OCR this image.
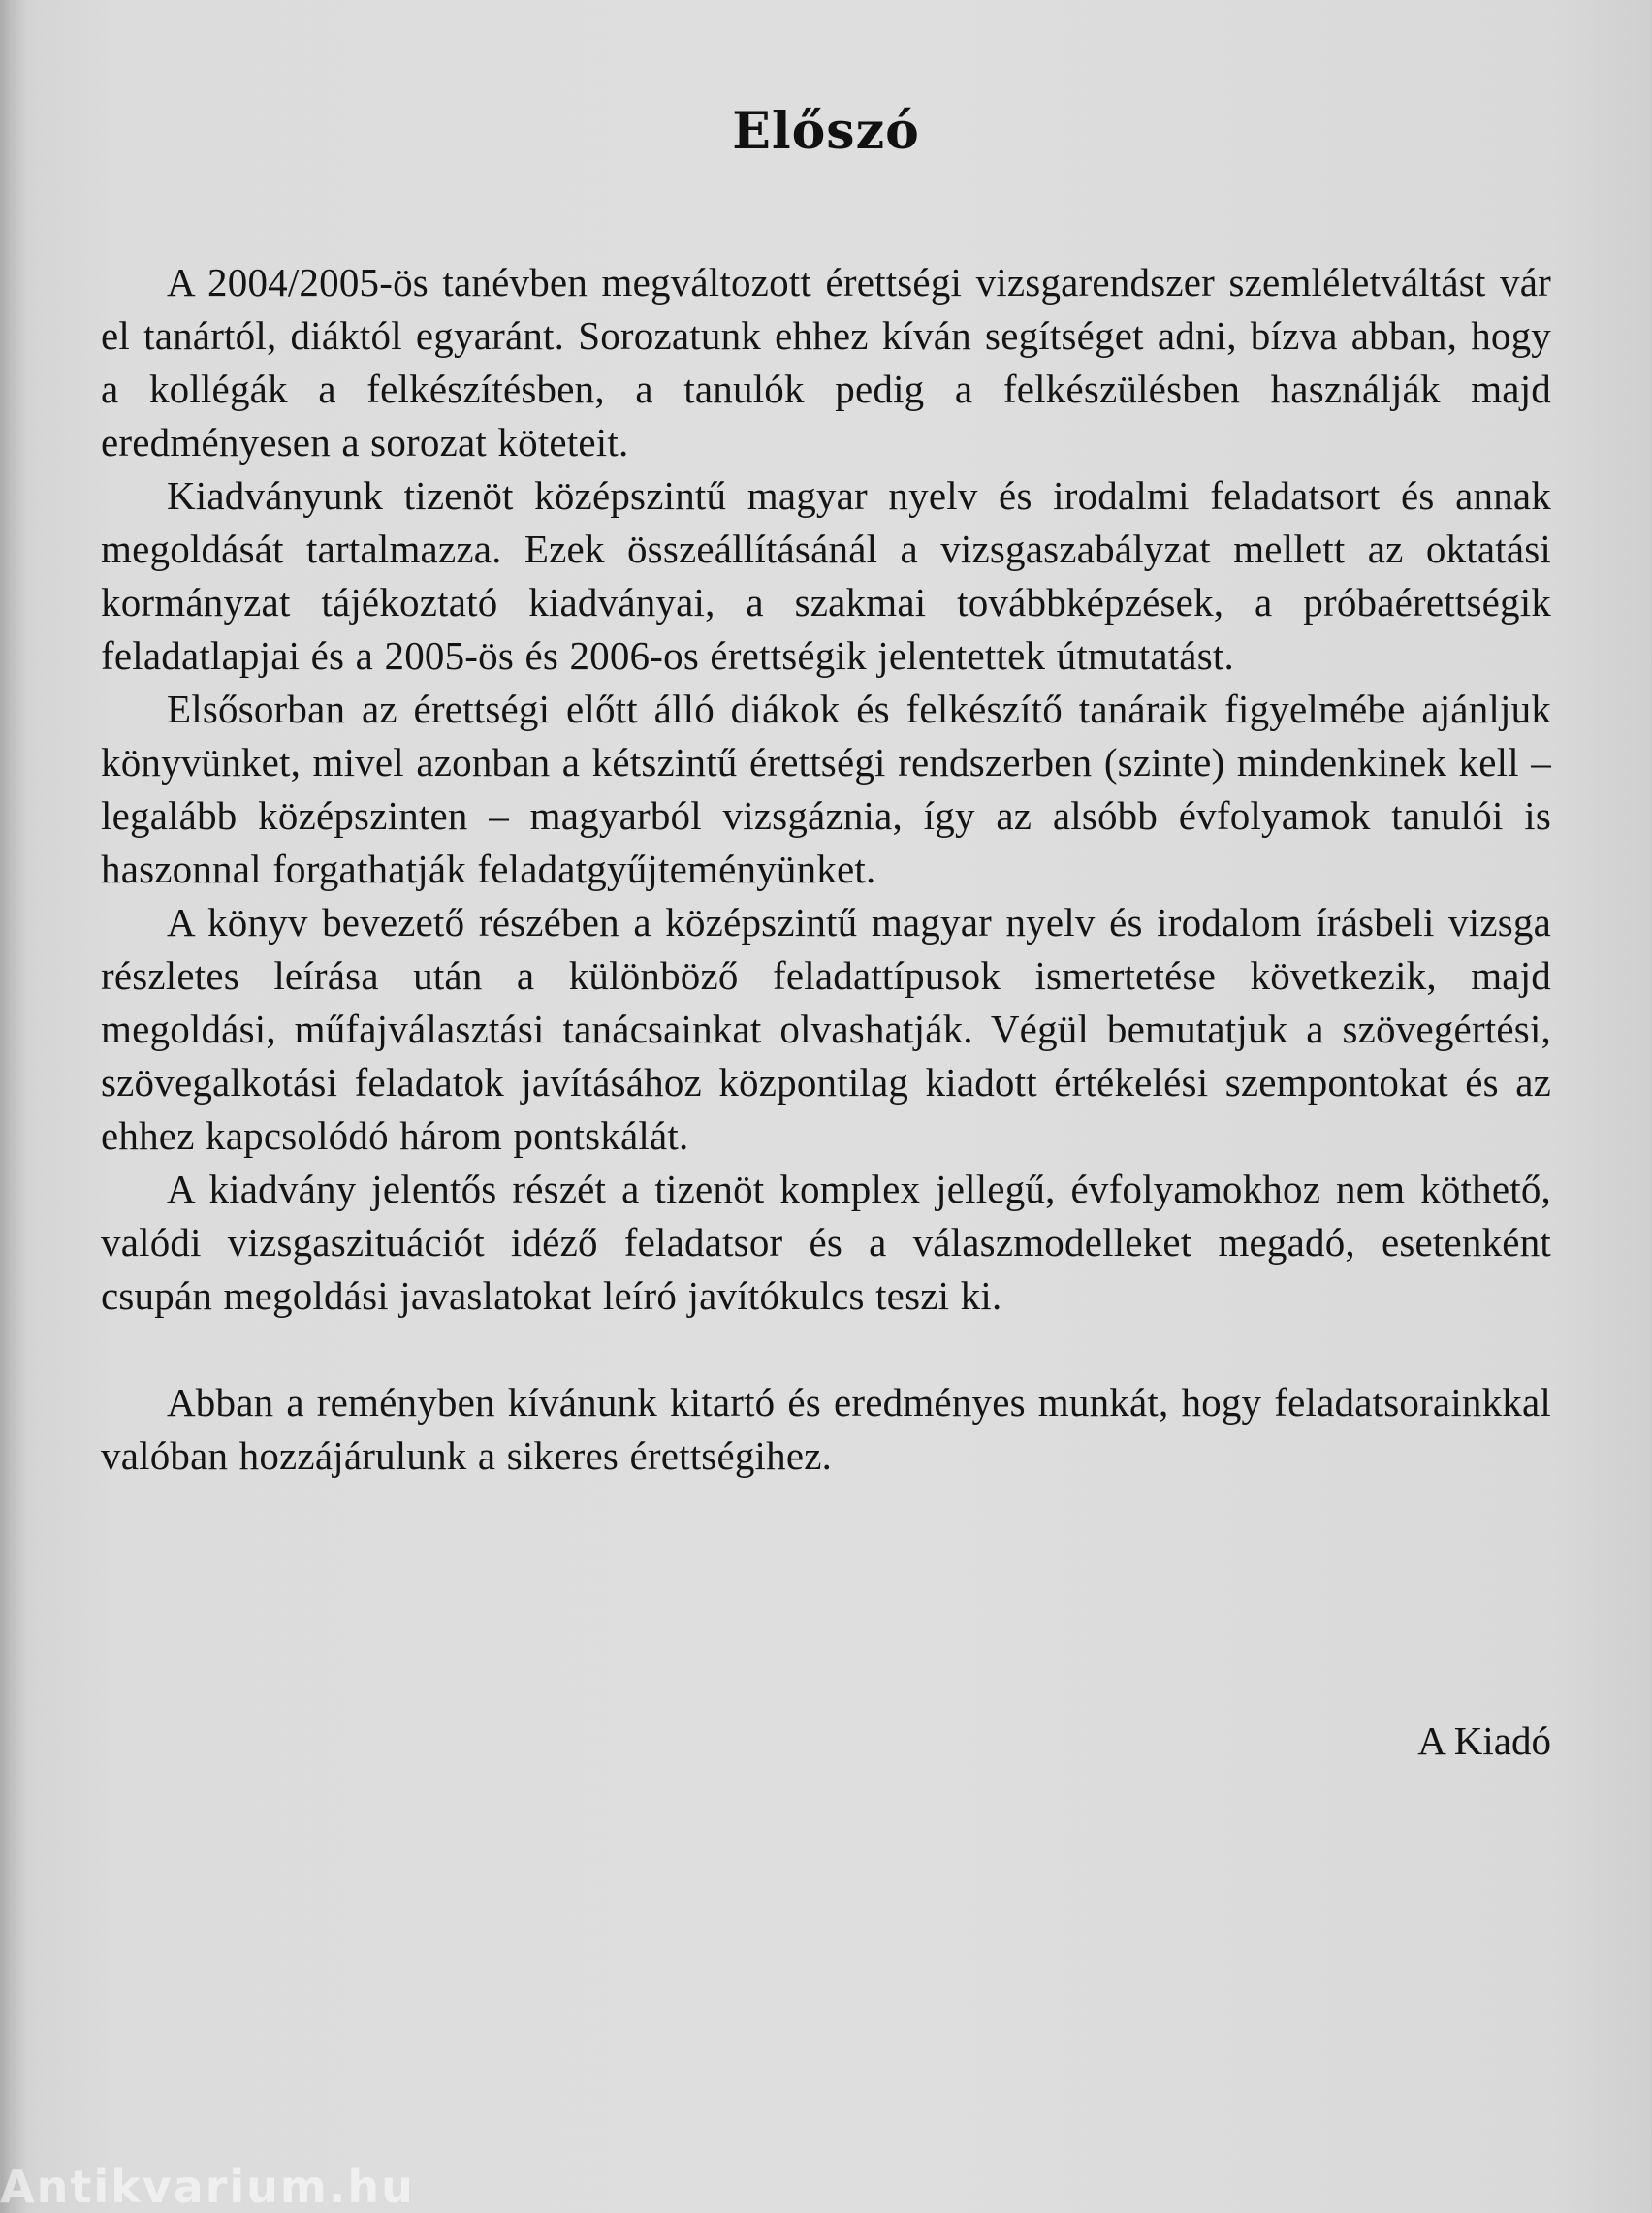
Előszó

A 2004/2005-ös tanévben megváltozott érettségi vizsgarendszer szemléletváltást vár el tanártól, diáktól egyaránt. Sorozatunk ehhez kíván segítséget adni, bízva abban, hogy a kollégák a felkészítésben, a tanulók pedig a felkészülésben használják majd eredményesen a sorozat köteteit.

Kiadványunk tizenöt középszintű magyar nyelv és irodalmi feladatsort és annak megoldását tartalmazza. Ezek összeállításánál a vizsgaszabályzat mellett az oktatási kormányzat tájékoztató kiadványai, a szakmai továbbképzések, a próbaérettségik feladatlapjai és a 2005-ös és 2006-os érettségik jelentettek útmutatást.

Elsősorban az érettségi előtt álló diákok és felkészítő tanáraik figyelmébe ajánljuk könyvünket, mivel azonban a kétszintű érettségi rendszerben (szinte) mindenkinek kell – legalább középszinten – magyarból vizsgáznia, így az alsóbb évfolyamok tanulói is haszonnal forgathatják feladatgyűjteményünket.

A könyv bevezető részében a középszintű magyar nyelv és irodalom írásbeli vizsga részletes leírása után a különböző feladattípusok ismertetése következik, majd megoldási, műfajválasztási tanácsainkat olvashatják. Végül bemutatjuk a szövegértési, szövegalkotási feladatok javításához központilag kiadott értékelési szempontokat és az ehhez kapcsolódó három pontskálát.

A kiadvány jelentős részét a tizenöt komplex jellegű, évfolyamokhoz nem köthető, valódi vizsgaszituációt idéző feladatsor és a válaszmodelleket megadó, esetenként csupán megoldási javaslatokat leíró javítókulcs teszi ki.

Abban a reményben kívánunk kitartó és eredményes munkát, hogy feladatsorainkkal valóban hozzájárulunk a sikeres érettségihez.

A Kiadó
Antikvarium.hu
